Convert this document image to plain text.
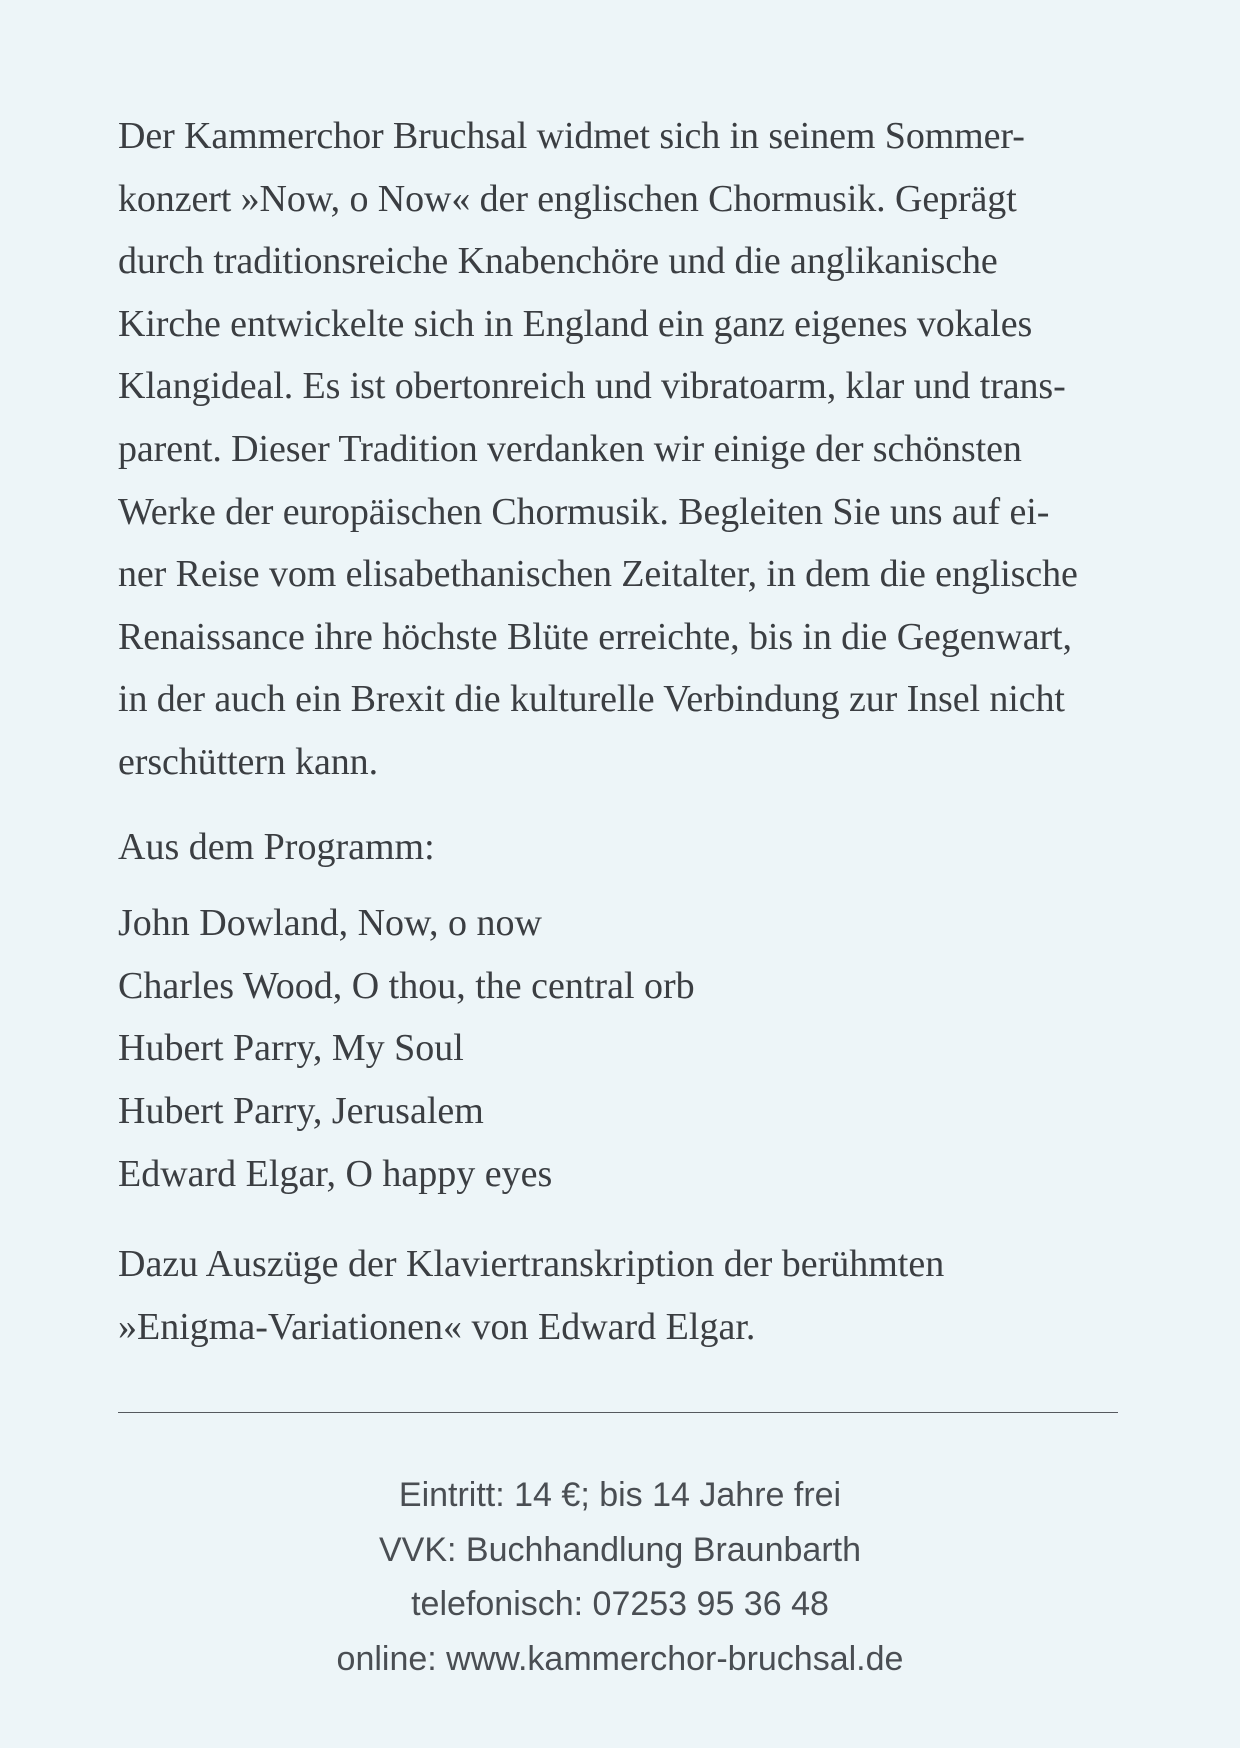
Der Kammerchor Bruchsal widmet sich in seinem Sommer-

konzert »Now, o Now« der englischen Chormusik. Geprägt

durch traditionsreiche Knabenchöre und die anglikanische

Kirche entwickelte sich in England ein ganz eigenes vokales

Klangideal. Es ist obertonreich und vibratoarm, klar und trans-

parent. Dieser Tradition verdanken wir einige der schönsten

Werke der europäischen Chormusik. Begleiten Sie uns auf ei-

ner Reise vom elisabethanischen Zeitalter, in dem die englische

Renaissance ihre höchste Blüte erreichte, bis in die Gegenwart,

in der auch ein Brexit die kulturelle Verbindung zur Insel nicht

erschüttern kann.

Aus dem Programm:

John Dowland, Now, o now
Charles Wood, O thou, the central orb
Hubert Parry, My Soul
Hubert Parry, Jerusalem
Edward Elgar, O happy eyes

Dazu Auszüge der Klaviertranskription der berühmten

»Enigma-Variationen« von Edward Elgar.

Eintritt: 14 €; bis 14 Jahre frei

VVK: Buchhandlung Braunbarth

telefonisch: 07253 95 36 48

online: www.kammerchor-bruchsal.de
